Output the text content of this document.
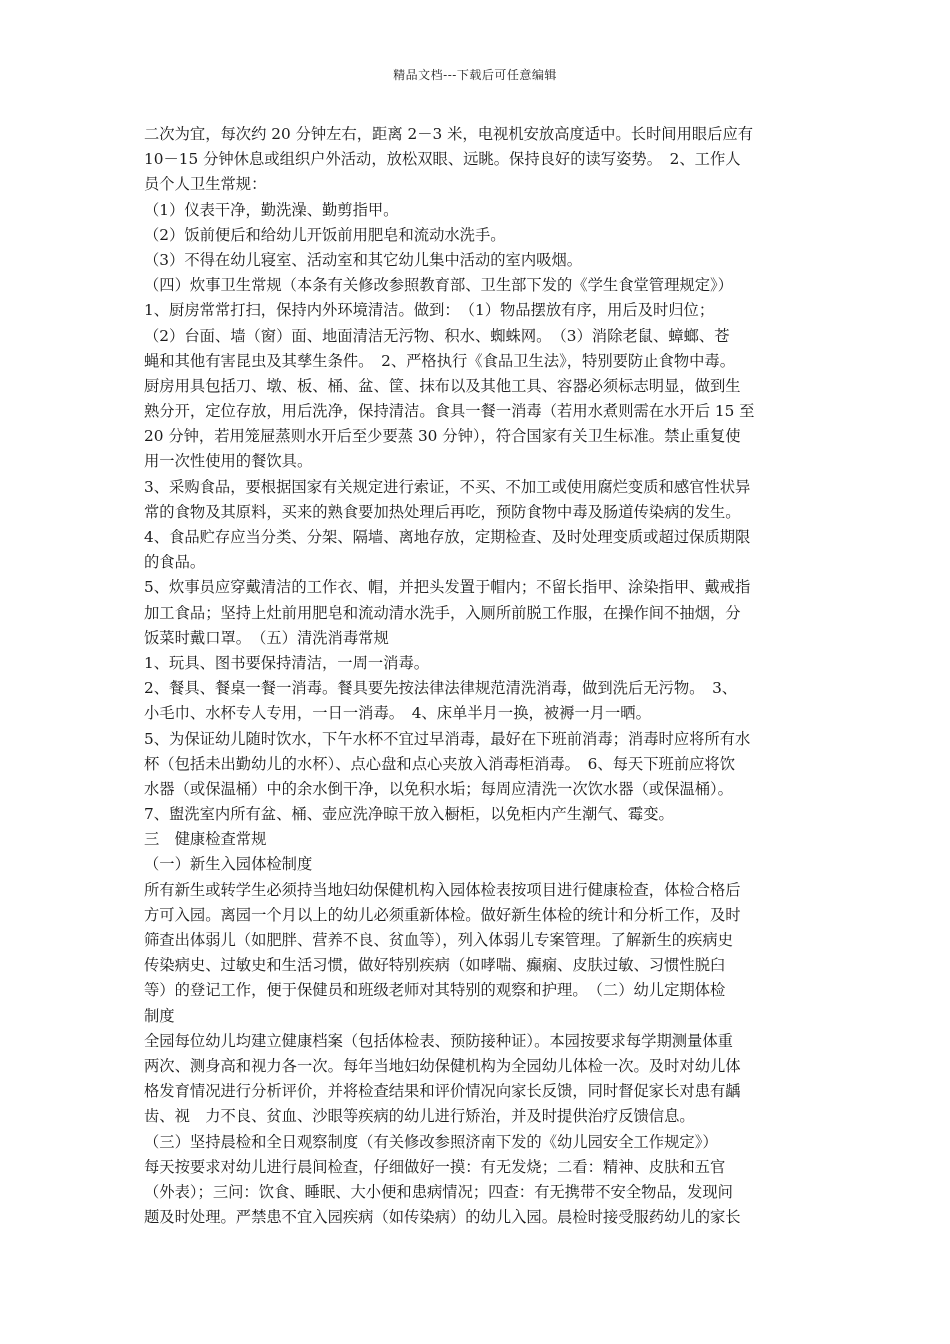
精品文档---下载后可任意编辑
二次为宜，每次约 20 分钟左右，距离 2－3 米，电视机安放高度适中。长时间用眼后应有
10－15 分钟休息或组织户外活动，放松双眼、远眺。保持良好的读写姿势。　2、工作人
员个人卫生常规：
（1）仪表干净，勤洗澡、勤剪指甲。
（2）饭前便后和给幼儿开饭前用肥皂和流动水洗手。
（3）不得在幼儿寝室、活动室和其它幼儿集中活动的室内吸烟。
（四）炊事卫生常规（本条有关修改参照教育部、卫生部下发的《学生食堂管理规定》）
1、厨房常常打扫，保持内外环境清洁。做到：　（1）物品摆放有序，用后及时归位；
（2）台面、墙（窗）面、地面清洁无污物、积水、蜘蛛网。　（3）消除老鼠、蟑螂、苍
蝇和其他有害昆虫及其孳生条件。　2、严格执行《食品卫生法》，特别要防止食物中毒。
厨房用具包括刀、墩、板、桶、盆、筐、抹布以及其他工具、容器必须标志明显，做到生
熟分开，定位存放，用后洗净，保持清洁。食具一餐一消毒（若用水煮则需在水开后 15 至
20 分钟，若用笼屉蒸则水开后至少要蒸 30 分钟），符合国家有关卫生标准。禁止重复使
用一次性使用的餐饮具。
3、采购食品，要根据国家有关规定进行索证，不买、不加工或使用腐烂变质和感官性状异
常的食物及其原料，买来的熟食要加热处理后再吃，预防食物中毒及肠道传染病的发生。
4、食品贮存应当分类、分架、隔墙、离地存放，定期检查、及时处理变质或超过保质期限
的食品。
5、炊事员应穿戴清洁的工作衣、帽，并把头发置于帽内；不留长指甲、涂染指甲、戴戒指
加工食品；坚持上灶前用肥皂和流动清水洗手，入厕所前脱工作服，在操作间不抽烟，分
饭菜时戴口罩。　（五）清洗消毒常规
1、玩具、图书要保持清洁，一周一消毒。
2、餐具、餐桌一餐一消毒。餐具要先按法律法律规范清洗消毒，做到洗后无污物。　3、
小毛巾、水杯专人专用，一日一消毒。　4、床单半月一换，被褥一月一晒。
5、为保证幼儿随时饮水，下午水杯不宜过早消毒，最好在下班前消毒；消毒时应将所有水
杯（包括未出勤幼儿的水杯）、点心盘和点心夹放入消毒柜消毒。　6、每天下班前应将饮
水器（或保温桶）中的余水倒干净，以免积水垢；每周应清洗一次饮水器（或保温桶）。
7、盥洗室内所有盆、桶、壶应洗净晾干放入橱柜，以免柜内产生潮气、霉变。
三　健康检查常规
（一）新生入园体检制度
所有新生或转学生必须持当地妇幼保健机构入园体检表按项目进行健康检查，体检合格后
方可入园。离园一个月以上的幼儿必须重新体检。做好新生体检的统计和分析工作，及时
筛查出体弱儿（如肥胖、营养不良、贫血等），列入体弱儿专案管理。了解新生的疾病史
传染病史、过敏史和生活习惯，做好特别疾病（如哮喘、癫痫、皮肤过敏、习惯性脱臼
等）的登记工作，便于保健员和班级老师对其特别的观察和护理。　（二）幼儿定期体检
制度
全园每位幼儿均建立健康档案（包括体检表、预防接种证）。本园按要求每学期测量体重
两次、测身高和视力各一次。每年当地妇幼保健机构为全园幼儿体检一次。及时对幼儿体
格发育情况进行分析评价，并将检查结果和评价情况向家长反馈，同时督促家长对患有龋
齿、视　力不良、贫血、沙眼等疾病的幼儿进行矫治，并及时提供治疗反馈信息。
（三）坚持晨检和全日观察制度（有关修改参照济南下发的《幼儿园安全工作规定》）
每天按要求对幼儿进行晨间检查，仔细做好一摸：有无发烧；二看：精神、皮肤和五官
（外表）；三问：饮食、睡眠、大小便和患病情况；四查：有无携带不安全物品，发现问
题及时处理。严禁患不宜入园疾病（如传染病）的幼儿入园。晨检时接受服药幼儿的家长
